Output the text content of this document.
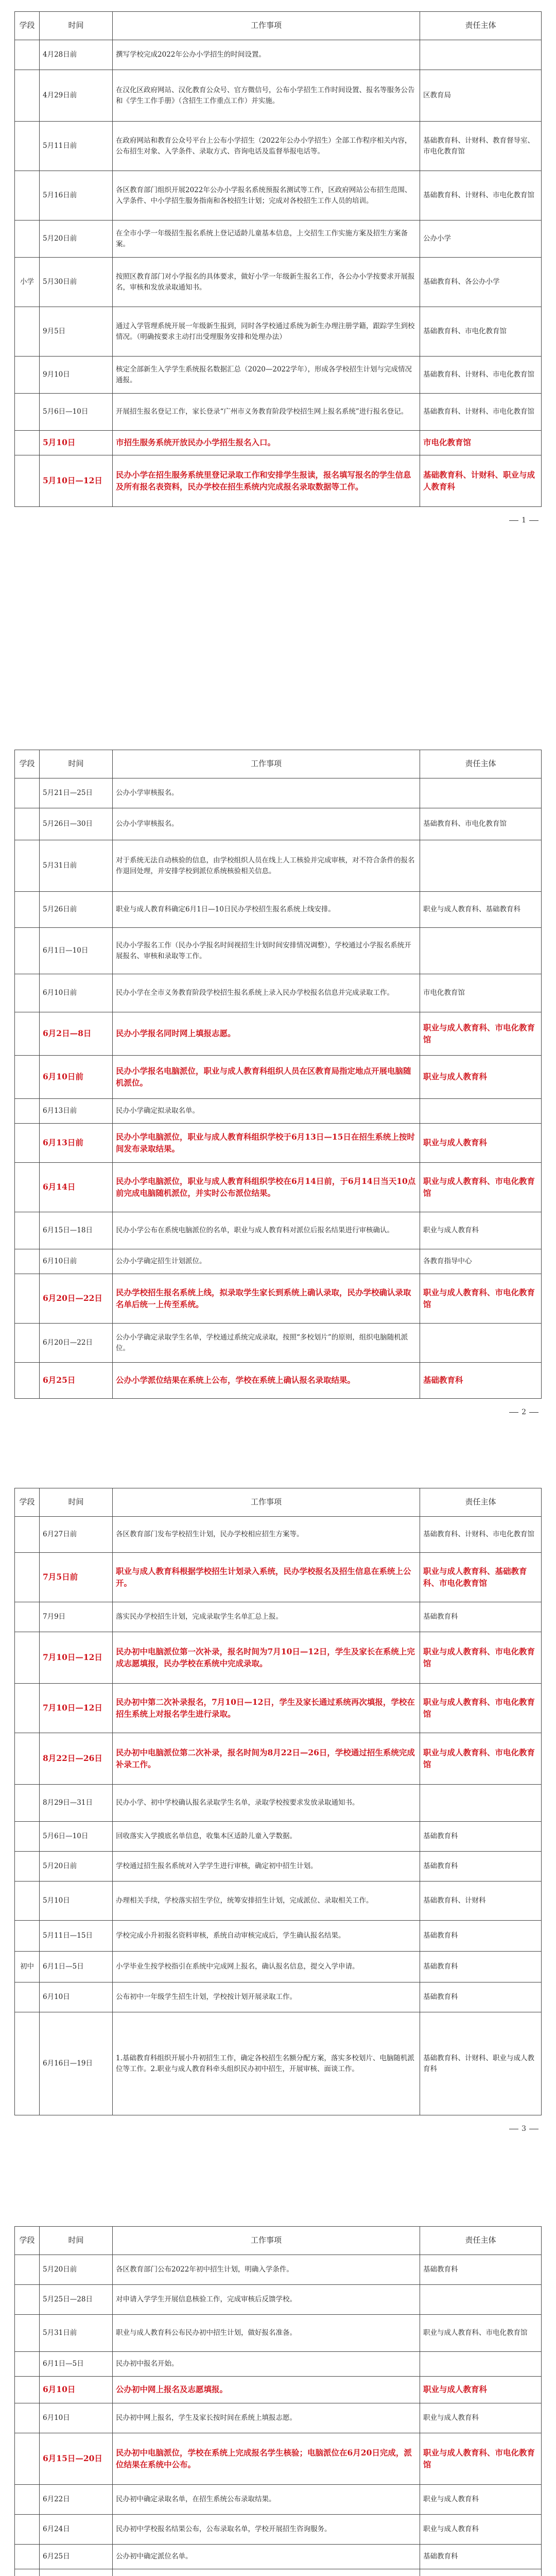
学段	时间	工作事项	责任主体
	4月28日前	撰写学校完成2022年公办小学招生的时间设置。	
	4月29日前	在汉化区政府网站、汉化教育公众号、官方微信号，公布小学招生工作时间设置、报名等服务公告和《学生工作手册》（含招生工作重点工作）并实施。	区教育局
	5月11日前	在政府网站和教育公众号平台上公布小学招生（2022年公办小学招生）全部工作程序相关内容，公布招生对象、入学条件、录取方式、咨询电话及监督举报电话等。	基础教育科、计财科、教育督导室、市电化教育馆
	5月16日前	各区教育部门组织开展2022年公办小学报名系统预报名测试等工作，区政府网站公布招生范围、入学条件、中小学招生服务指南和各校招生计划；完成对各校招生工作人员的培训。	基础教育科、计财科、市电化教育馆
	5月20日前	在全市小学一年级招生报名系统上登记适龄儿童基本信息，上交招生工作实施方案及招生方案备案。	公办小学
小学	5月30日前	按照区教育部门对小学报名的具体要求，做好小学一年级新生报名工作，各公办小学按要求开展报名，审核和发放录取通知书。	基础教育科、各公办小学
	9月5日	通过入学管理系统开展一年级新生报到，同时各学校通过系统为新生办理注册学籍，跟踪学生到校情况。（明确按要求主动打出受理服务安排和处理办法）	基础教育科、市电化教育馆
	9月10日	核定全部新生入学学生系统报名数据汇总（2020—2022学年），形成各学校招生计划与完成情况通报。	基础教育科、计财科、市电化教育馆
	5月6日—10日	开展招生报名登记工作，家长登录“广州市义务教育阶段学校招生网上报名系统”进行报名登记。	基础教育科、计财科、市电化教育馆
	5月10日	市招生服务系统开放民办小学招生报名入口。	市电化教育馆
	5月10日—12日	民办小学在招生服务系统里登记录取工作和安排学生报读，报名填写报名的学生信息及所有报名表资料，民办学校在招生系统内完成报名录取数据等工作。	基础教育科、计财科、职业与成人教育科
1
学段	时间	工作事项	责任主体
	5月21日—25日	公办小学审核报名。	
	5月26日—30日	公办小学审核报名。	基础教育科、市电化教育馆
	5月31日前	对于系统无法自动核验的信息，由学校组织人员在线上人工核验并完成审核，对不符合条件的报名作退回处理，并安排学校到派位系统核验相关信息。	
	5月26日前	职业与成人教育科确定6月1日—10日民办学校招生报名系统上线安排。	职业与成人教育科、基础教育科
	6月1日—10日	民办小学报名工作（民办小学报名时间视招生计划时间安排情况调整），学校通过小学报名系统开展报名、审核和录取等工作。	
	6月10日前	民办小学在全市义务教育阶段学校招生报名系统上录入民办学校报名信息并完成录取工作。	市电化教育馆
	6月2日—8日	民办小学报名同时网上填报志愿。	职业与成人教育科、市电化教育馆
	6月10日前	民办小学报名电脑派位，职业与成人教育科组织人员在区教育局指定地点开展电脑随机派位。	职业与成人教育科
	6月13日前	民办小学确定拟录取名单。	
	6月13日前	民办小学电脑派位，职业与成人教育科组织学校于6月13日—15日在招生系统上按时间发布录取结果。	职业与成人教育科
	6月14日	民办小学电脑派位，职业与成人教育科组织学校在6月14日前，于6月14日当天10点前完成电脑随机派位，并实时公布派位结果。	职业与成人教育科、市电化教育馆
	6月15日—18日	民办小学公布在系统电脑派位的名单，职业与成人教育科对派位后报名结果进行审核确认。	职业与成人教育科
	6月10日前	公办小学确定招生计划派位。	各教育指导中心
	6月20日—22日	民办学校招生报名系统上线，拟录取学生家长到系统上确认录取，民办学校确认录取名单后统一上传至系统。	职业与成人教育科、市电化教育馆
	6月20日—22日	公办小学确定录取学生名单，学校通过系统完成录取，按照“多校划片”的原则，组织电脑随机派位。	
	6月25日	公办小学派位结果在系统上公布，学校在系统上确认报名录取结果。	基础教育科
2
学段	时间	工作事项	责任主体
	6月27日前	各区教育部门发布学校招生计划，民办学校相应招生方案等。	基础教育科、计财科、市电化教育馆
	7月5日前	职业与成人教育科根据学校招生计划录入系统，民办学校报名及招生信息在系统上公开。	职业与成人教育科、基础教育科、市电化教育馆
	7月9日	落实民办学校招生计划，完成录取学生名单汇总上报。	基础教育科
	7月10日—12日	民办初中电脑派位第一次补录，报名时间为7月10日—12日，学生及家长在系统上完成志愿填报，民办学校在系统中完成录取。	职业与成人教育科、市电化教育馆
	7月10日—12日	民办初中第二次补录报名，7月10日—12日，学生及家长通过系统再次填报，学校在招生系统上对报名学生进行录取。	职业与成人教育科、市电化教育馆
	8月22日—26日	民办初中电脑派位第二次补录，报名时间为8月22日—26日，学校通过招生系统完成补录工作。	职业与成人教育科、市电化教育馆
	8月29日—31日	民办小学、初中学校确认报名录取学生名单，录取学校按要求发放录取通知书。	
	5月6日—10日	回收落实入学摸底名单信息，收集本区适龄儿童入学数据。	基础教育科
	5月20日前	学校通过招生报名系统对入学学生进行审核，确定初中招生计划。	基础教育科
	5月10日	办理相关手续，学校落实招生学位，统筹安排招生计划，完成派位、录取相关工作。	基础教育科、计财科
	5月11日—15日	学校完成小升初报名资料审核，系统自动审核完成后，学生确认报名结果。	基础教育科
初中	6月1日—5日	小学毕业生按学校指引在系统中完成网上报名，确认报名信息，提交入学申请。	基础教育科
	6月10日	公布初中一年级学生招生计划，学校按计划开展录取工作。	基础教育科
	6月16日—19日	1.基础教育科组织开展小升初招生工作，确定各校招生名额分配方案，落实多校划片、电脑随机派位等工作。2.职业与成人教育科牵头组织民办初中招生，开展审核、面谈工作。	基础教育科、计财科、职业与成人教育科
3
学段	时间	工作事项	责任主体
	5月20日前	各区教育部门公布2022年初中招生计划，明确入学条件。	基础教育科
	5月25日—28日	对申请入学学生开展信息核验工作，完成审核后反馈学校。	
	5月31日前	职业与成人教育科公布民办初中招生计划，做好报名准备。	职业与成人教育科、市电化教育馆
	6月1日—5日	民办初中报名开始。	
	6月10日	公办初中网上报名及志愿填报。	职业与成人教育科
	6月10日	民办初中网上报名，学生及家长按时间在系统上填报志愿。	职业与成人教育科
	6月15日—20日	民办初中电脑派位，学校在系统上完成报名学生核验；电脑派位在6月20日完成，派位结果在系统中公布。	职业与成人教育科、市电化教育馆
	6月22日	民办初中确定录取名单，在招生系统公布录取结果。	职业与成人教育科
	6月24日	民办初中学校报名结果公布，公布录取名单，学校开展招生咨询服务。	职业与成人教育科
	6月25日	公办初中确定派位名单。	基础教育科
